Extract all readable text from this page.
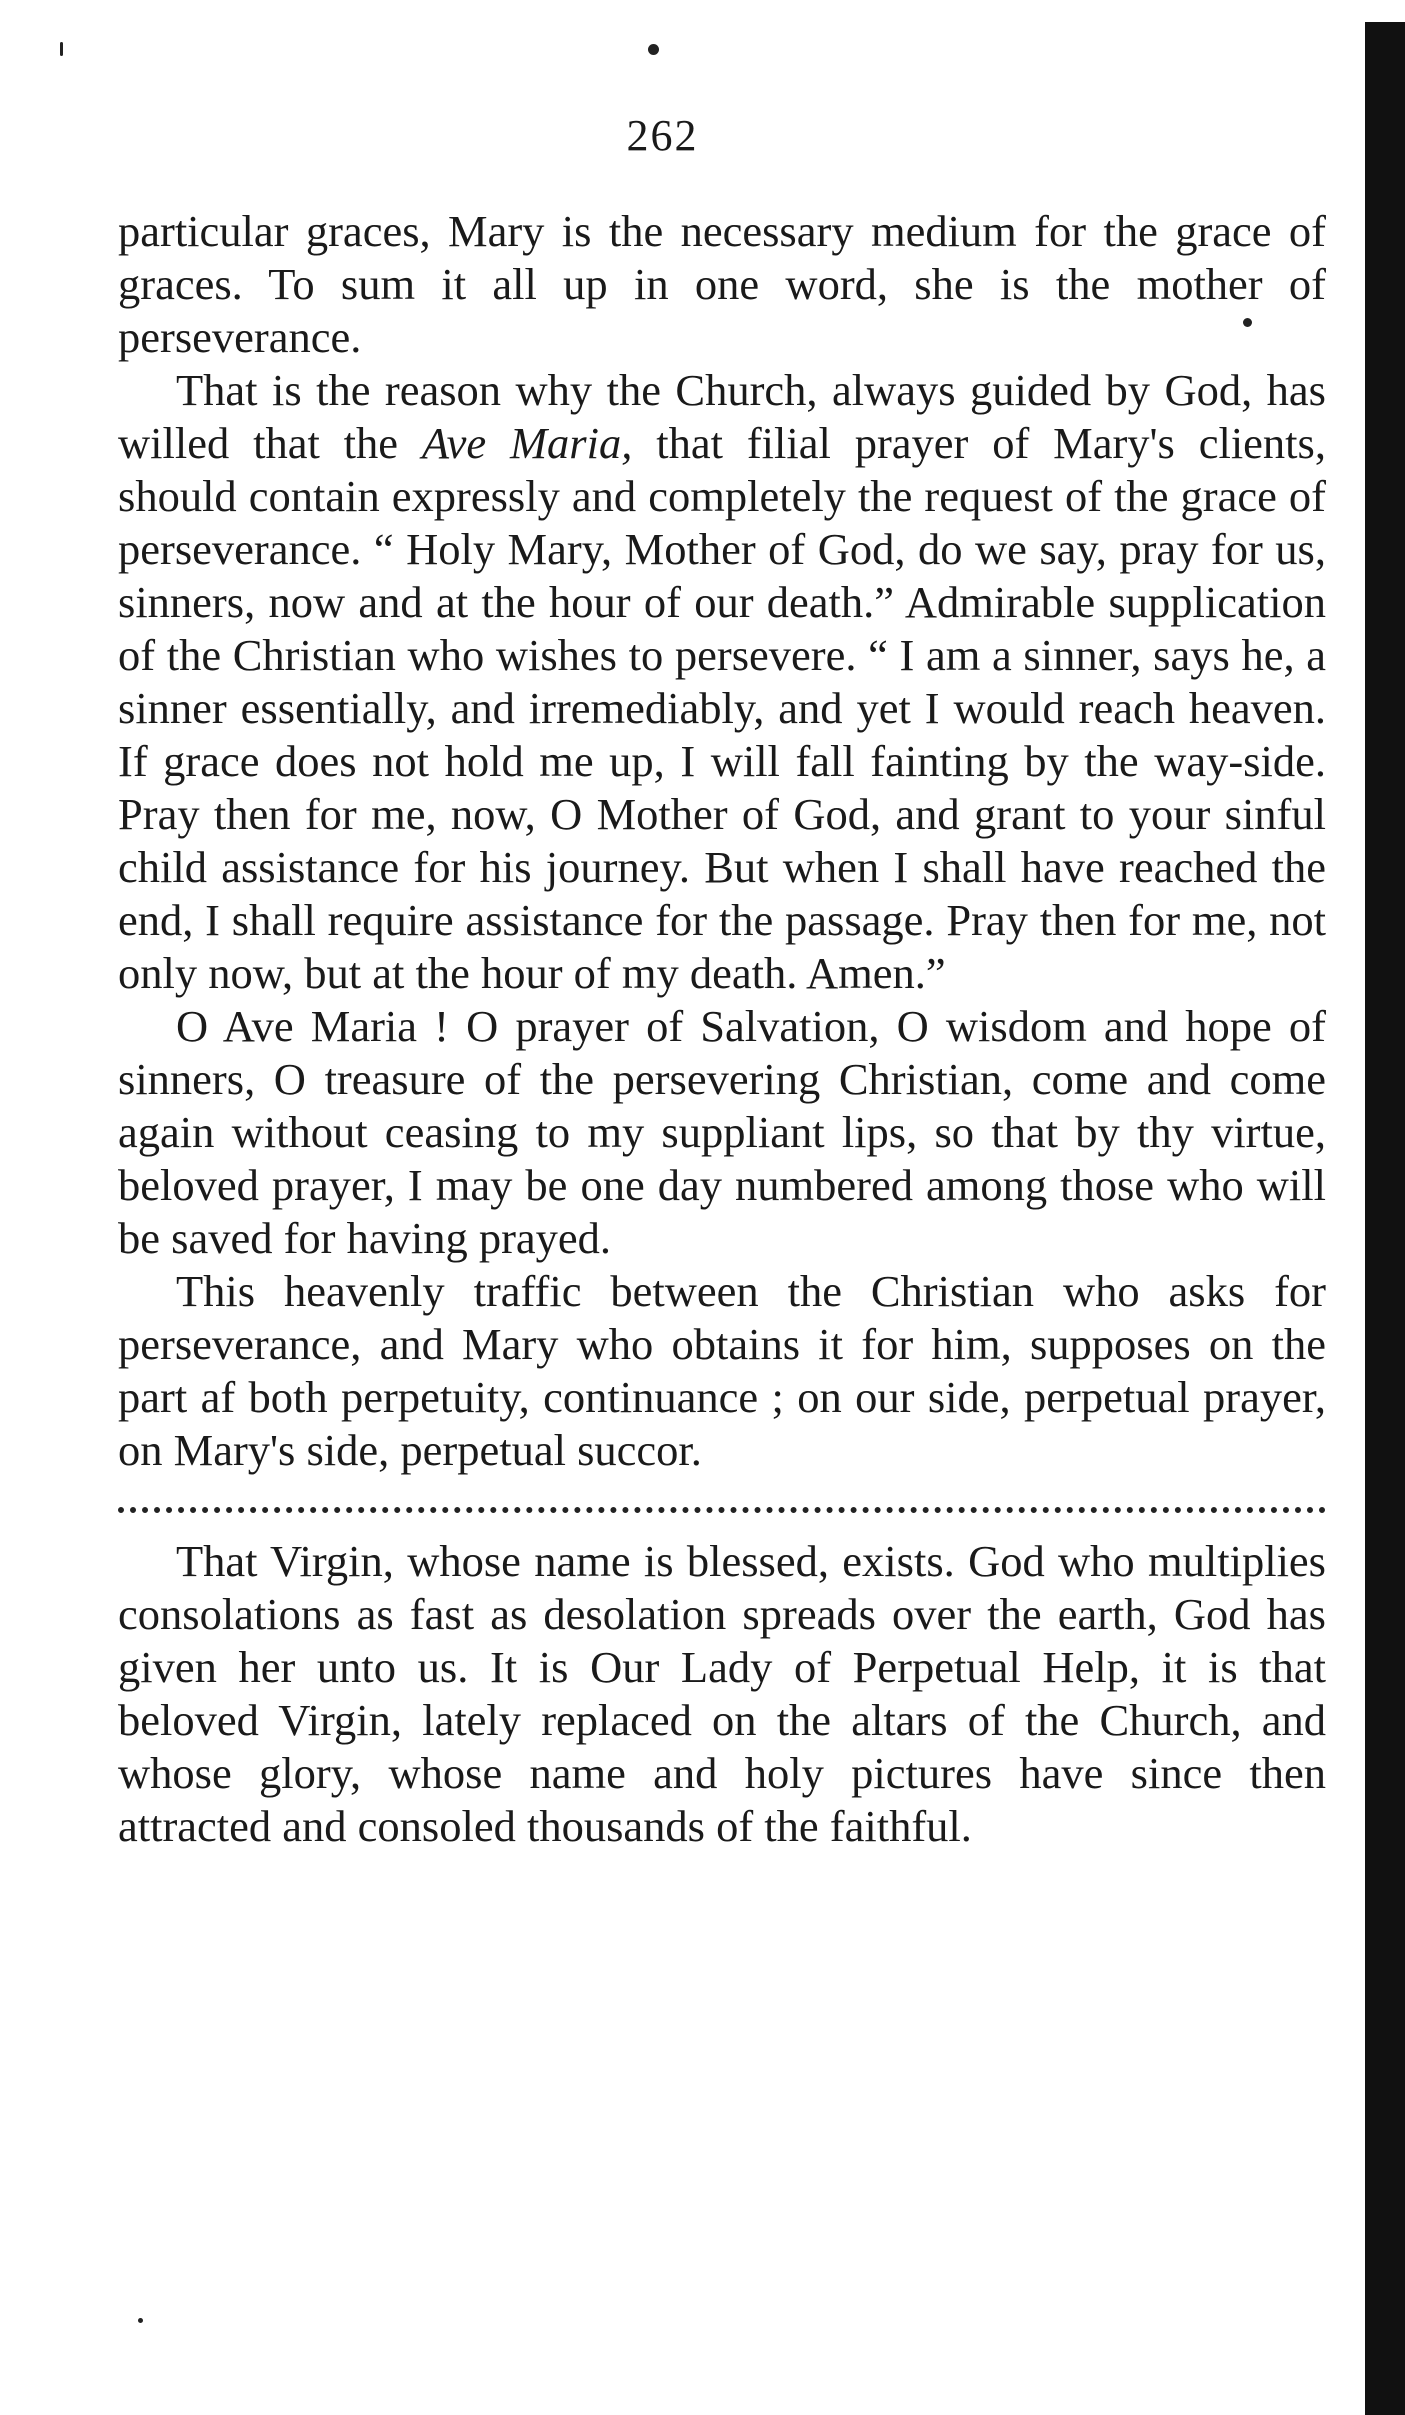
262

particular graces, Mary is the necessary medium for the grace of graces. To sum it all up in one word, she is the mother of perseverance.

That is the reason why the Church, always guided by God, has willed that the Ave Maria, that filial prayer of Mary's clients, should contain expressly and completely the request of the grace of perseverance. “ Holy Mary, Mother of God, do we say, pray for us, sinners, now and at the hour of our death.” Admirable supplication of the Christian who wishes to persevere. “ I am a sinner, says he, a sinner essentially, and irremediably, and yet I would reach heaven. If grace does not hold me up, I will fall fainting by the way-side. Pray then for me, now, O Mother of God, and grant to your sinful child assistance for his journey. But when I shall have reached the end, I shall require assistance for the passage. Pray then for me, not only now, but at the hour of my death. Amen.”

O Ave Maria ! O prayer of Salvation, O wisdom and hope of sinners, O treasure of the persevering Christian, come and come again without ceasing to my suppliant lips, so that by thy virtue, beloved prayer, I may be one day numbered among those who will be saved for having prayed.

This heavenly traffic between the Christian who asks for perseverance, and Mary who obtains it for him, supposes on the part af both perpetuity, continuance ; on our side, perpetual prayer, on Mary's side, perpetual succor.

That Virgin, whose name is blessed, exists. God who multiplies consolations as fast as desolation spreads over the earth, God has given her unto us. It is Our Lady of Perpetual Help, it is that beloved Virgin, lately replaced on the altars of the Church, and whose glory, whose name and holy pictures have since then attracted and consoled thousands of the faithful.
